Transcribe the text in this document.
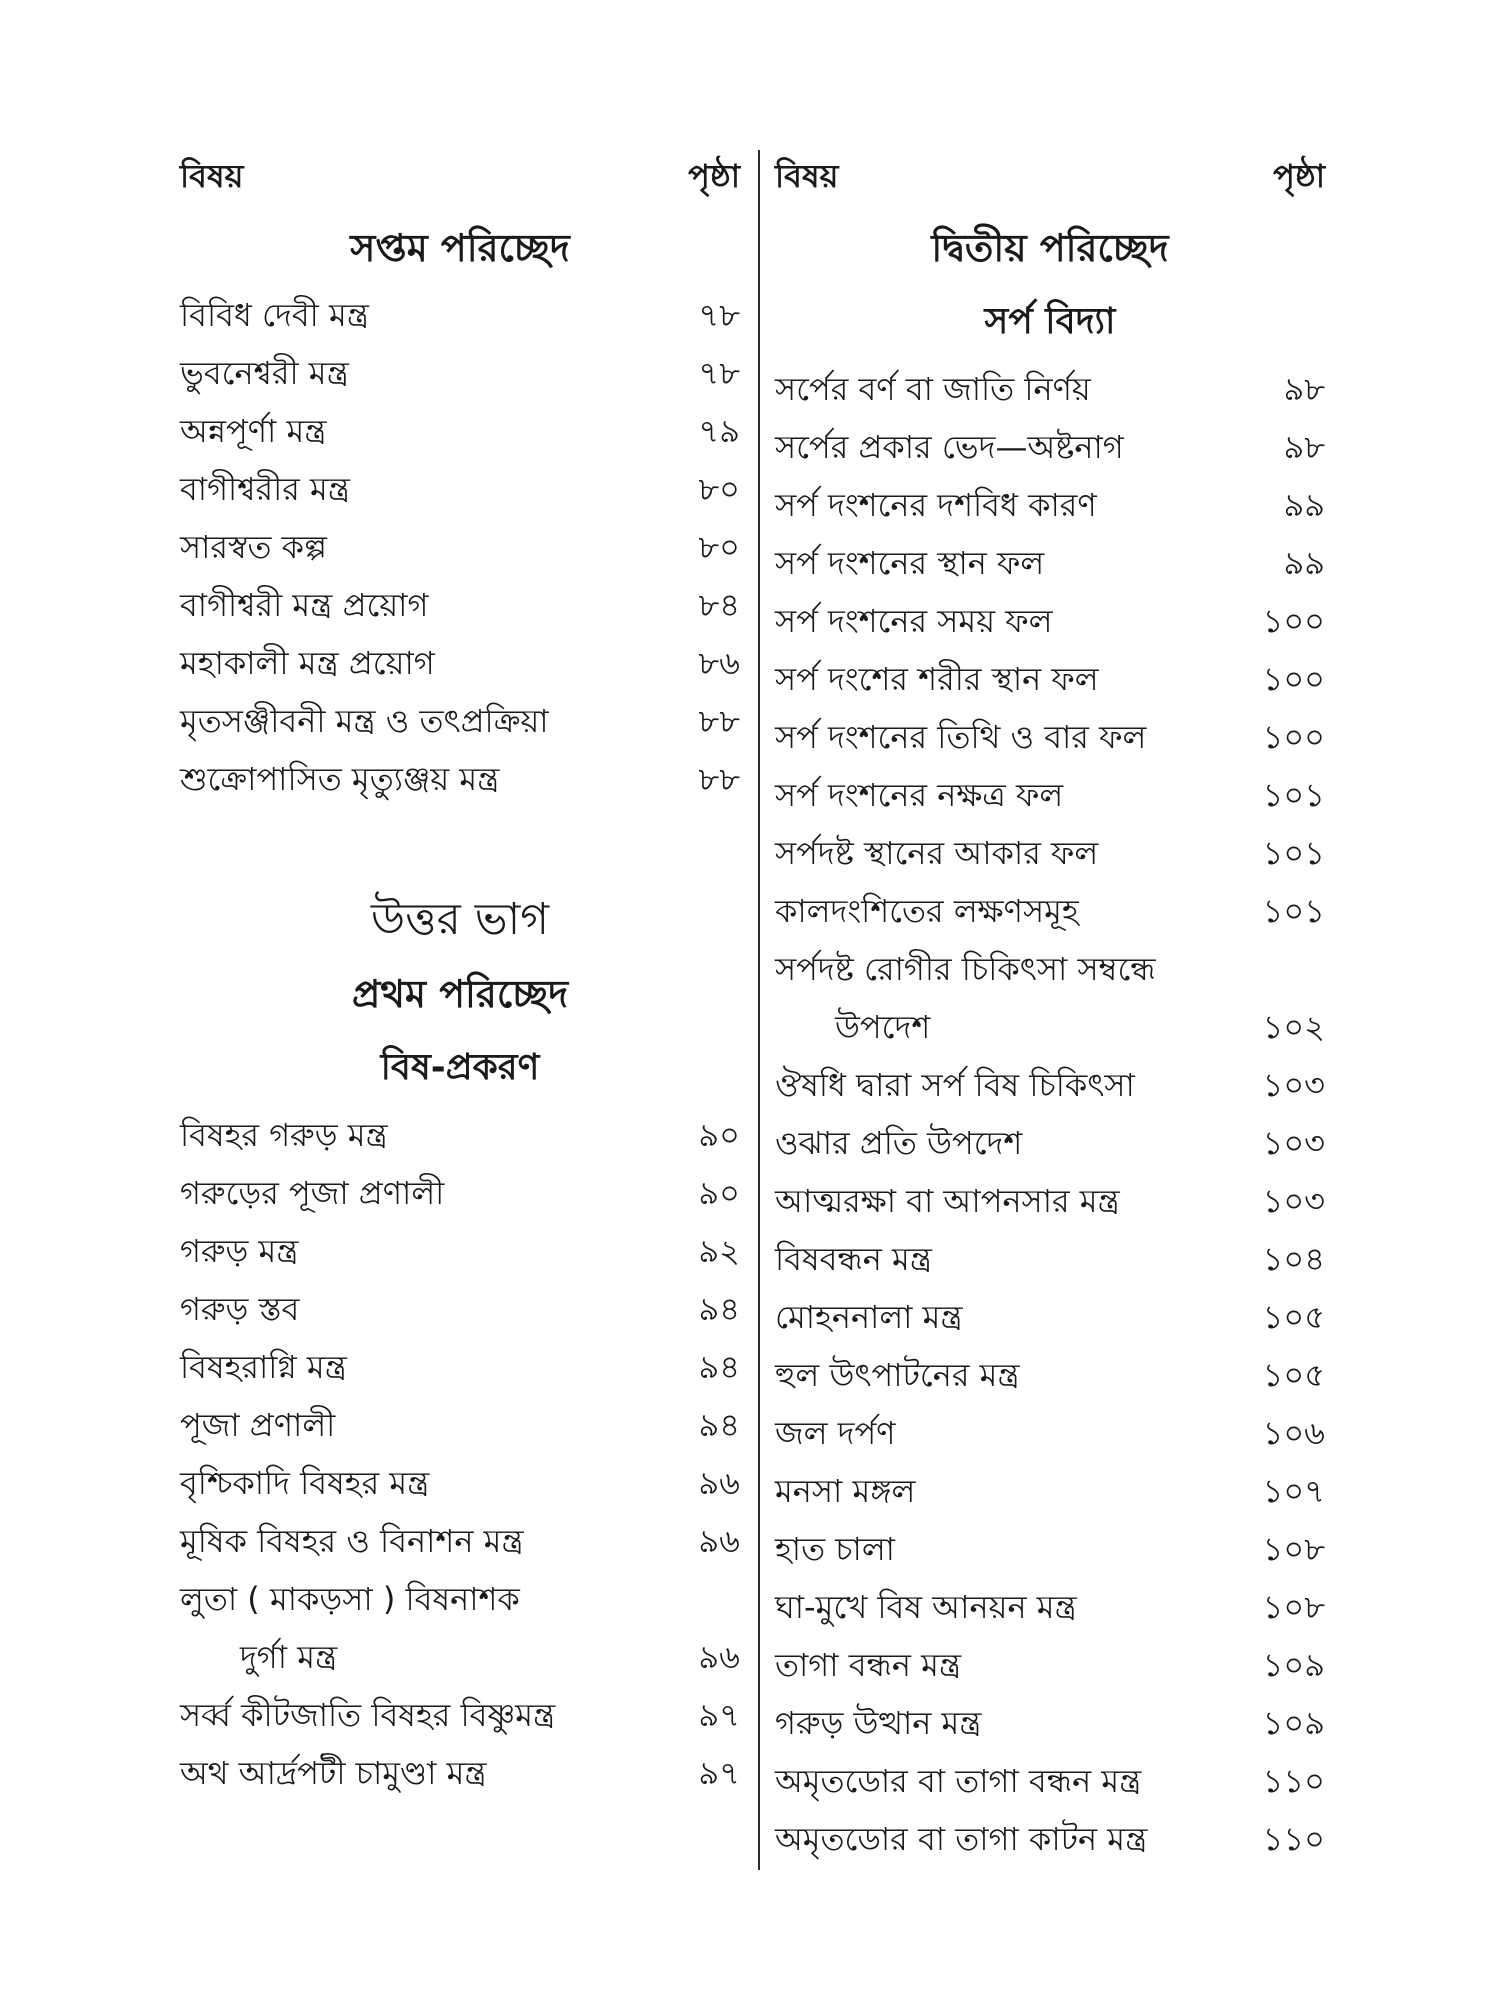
বিষয়	পৃষ্ঠা
সপ্তম পরিচ্ছেদ
বিবিধ দেবী মন্ত্র	৭৮
ভুবনেশ্বরী মন্ত্র	৭৮
অন্নপূর্ণা মন্ত্র	৭৯
বাগীশ্বরীর মন্ত্র	৮০
সারস্বত কল্প	৮০
বাগীশ্বরী মন্ত্র প্রয়োগ	৮৪
মহাকালী মন্ত্র প্রয়োগ	৮৬
মৃতসঞ্জীবনী মন্ত্র ও তৎপ্রক্রিয়া	৮৮
শুক্রোপাসিত মৃত্যুঞ্জয় মন্ত্র	৮৮
উত্তর ভাগ
প্রথম পরিচ্ছেদ
বিষ-প্রকরণ
বিষহর গরুড় মন্ত্র	৯০
গরুড়ের পূজা প্রণালী	৯০
গরুড় মন্ত্র	৯২
গরুড় স্তব	৯৪
বিষহরাগ্নি মন্ত্র	৯৪
পূজা প্রণালী	৯৪
বৃশ্চিকাদি বিষহর মন্ত্র	৯৬
মূষিক বিষহর ও বিনাশন মন্ত্র	৯৬
লুতা ( মাকড়সা ) বিষনাশক
দুর্গা মন্ত্র	৯৬
সর্ব্ব কীটজাতি বিষহর বিষ্ণুমন্ত্র	৯৭
অথ আর্দ্রপটী চামুণ্ডা মন্ত্র	৯৭
বিষয়	পৃষ্ঠা
দ্বিতীয় পরিচ্ছেদ
সর্প বিদ্যা
সর্পের বর্ণ বা জাতি নির্ণয়	৯৮
সর্পের প্রকার ভেদ—অষ্টনাগ	৯৮
সর্প দংশনের দশবিধ কারণ	৯৯
সর্প দংশনের স্থান ফল	৯৯
সর্প দংশনের সময় ফল	১০০
সর্প দংশের শরীর স্থান ফল	১০০
সর্প দংশনের তিথি ও বার ফল	১০০
সর্প দংশনের নক্ষত্র ফল	১০১
সর্পদষ্ট স্থানের আকার ফল	১০১
কালদংশিতের লক্ষণসমূহ	১০১
সর্পদষ্ট রোগীর চিকিৎসা সম্বন্ধে
উপদেশ	১০২
ঔষধি দ্বারা সর্প বিষ চিকিৎসা	১০৩
ওঝার প্রতি উপদেশ	১০৩
আত্মরক্ষা বা আপনসার মন্ত্র	১০৩
বিষবন্ধন মন্ত্র	১০৪
মোহননালা মন্ত্র	১০৫
হুল উৎপাটনের মন্ত্র	১০৫
জল দর্পণ	১০৬
মনসা মঙ্গল	১০৭
হাত চালা	১০৮
ঘা-মুখে বিষ আনয়ন মন্ত্র	১০৮
তাগা বন্ধন মন্ত্র	১০৯
গরুড় উত্থান মন্ত্র	১০৯
অমৃতডোর বা তাগা বন্ধন মন্ত্র	১১০
অমৃতডোর বা তাগা কাটন মন্ত্র	১১০
